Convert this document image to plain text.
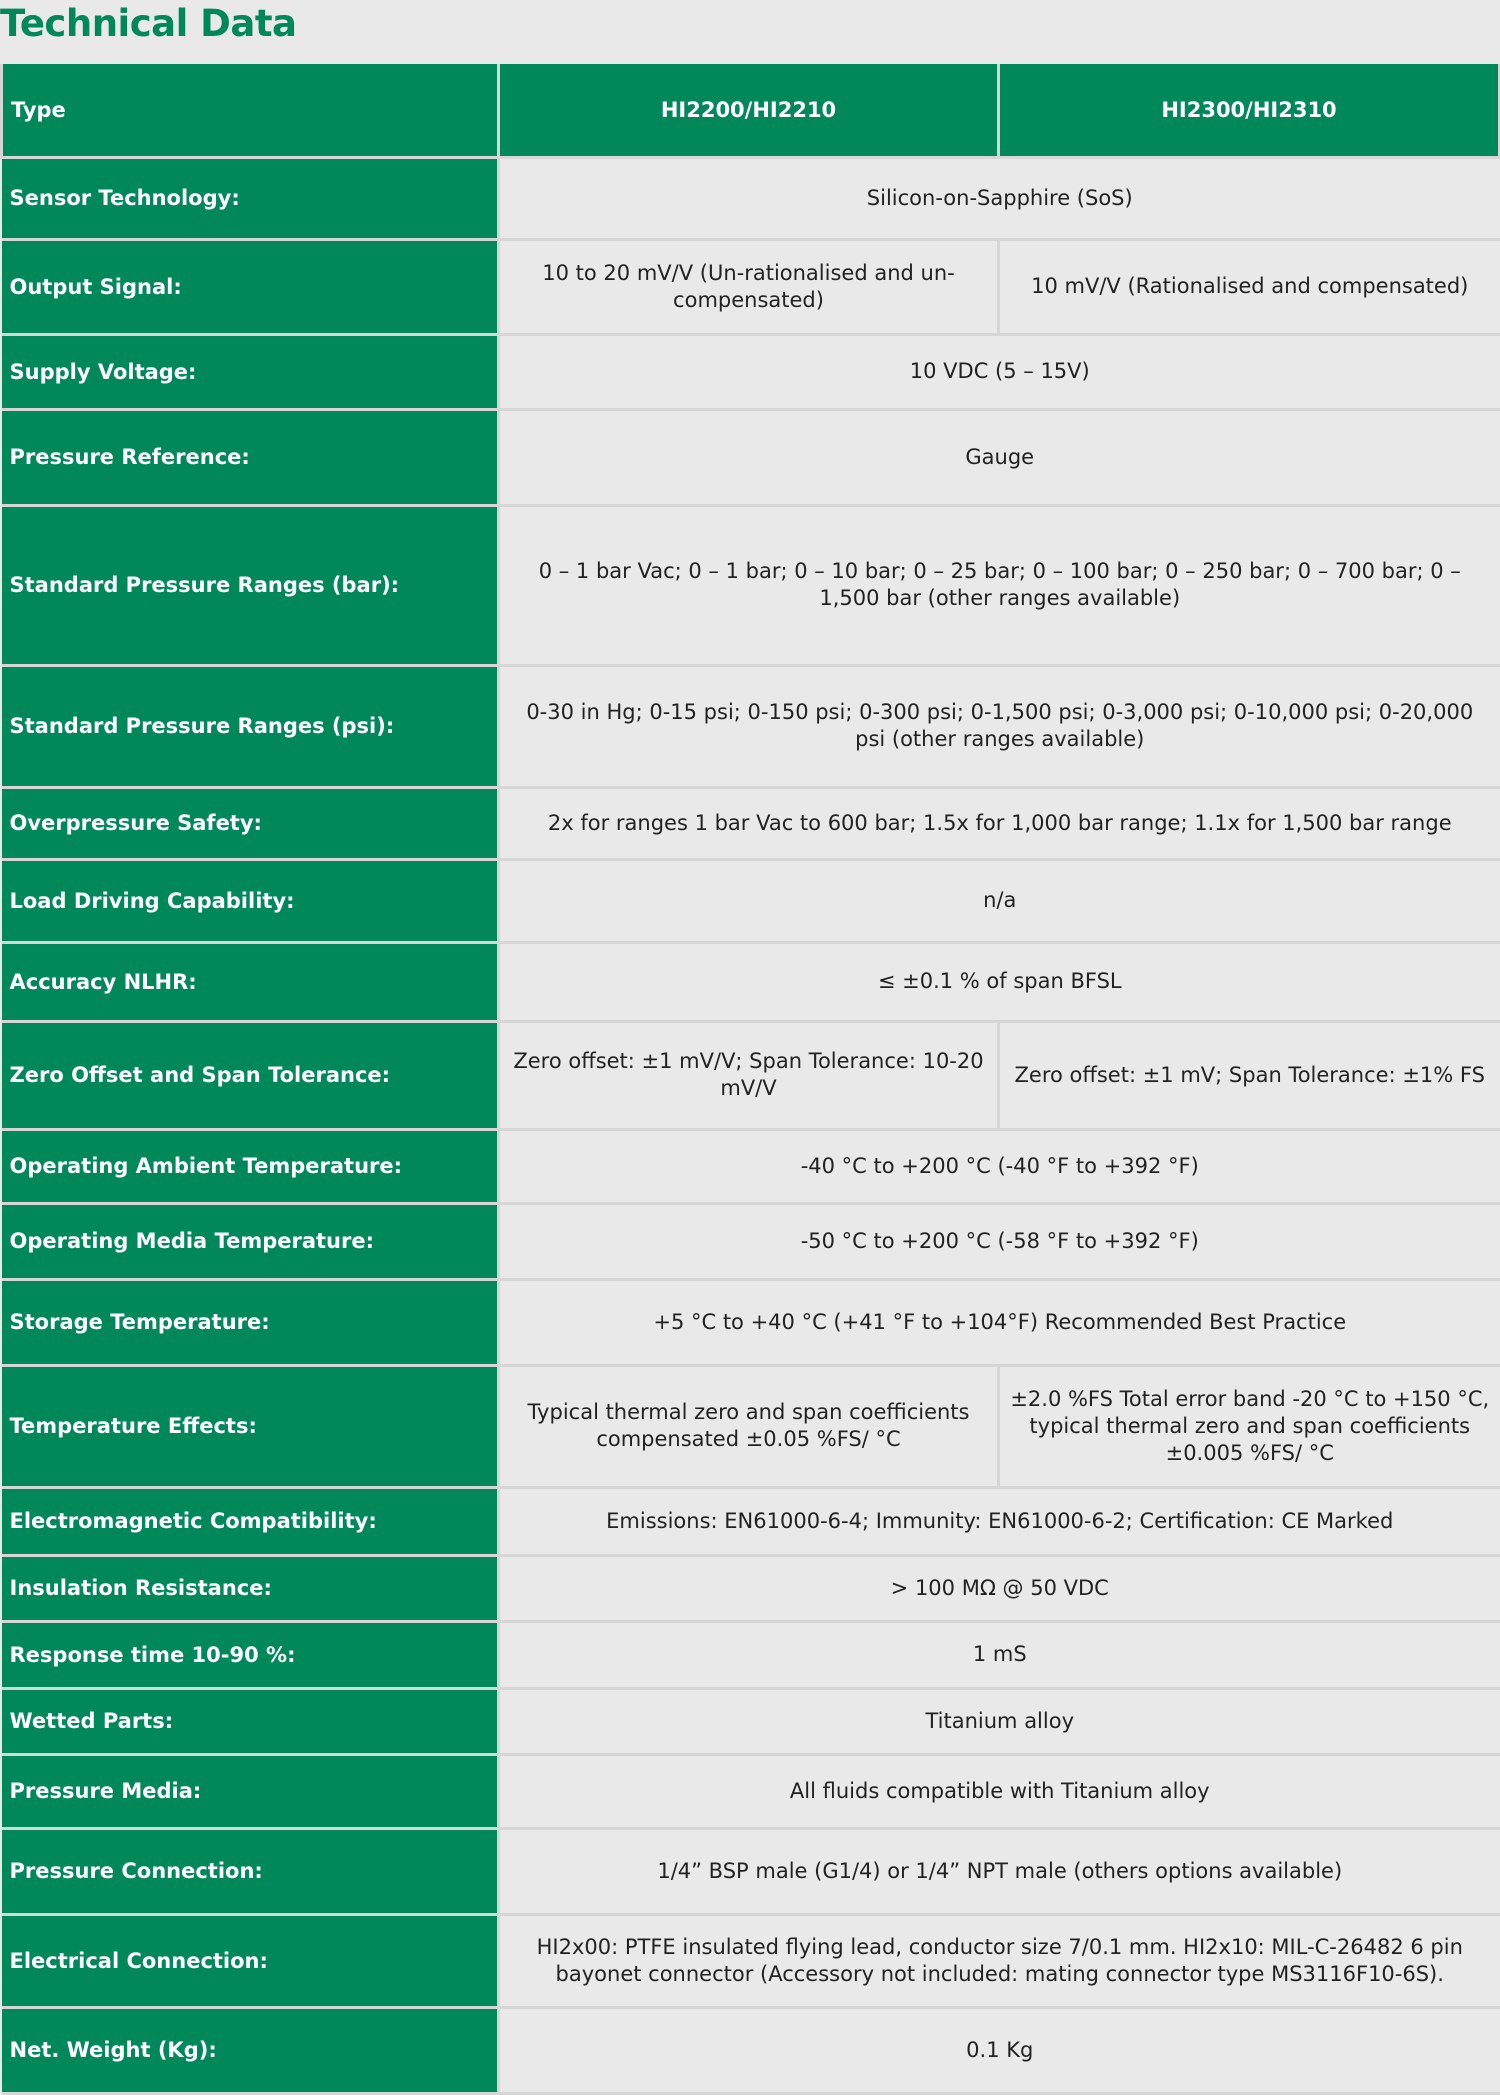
Technical Data
Type	HI2200/HI2210	HI2300/HI2310
Sensor Technology:	Silicon-on-Sapphire (SoS)	
Output Signal:	10 to 20 mV/V (Un-rationalised and un-compensated)	10 mV/V (Rationalised and compensated)
Supply Voltage:	10 VDC (5 – 15V)	
Pressure Reference:	Gauge	
Standard Pressure Ranges (bar):	0 – 1 bar Vac; 0 – 1 bar; 0 – 10 bar; 0 – 25 bar; 0 – 100 bar; 0 – 250 bar; 0 – 700 bar; 0 – 1,500 bar (other ranges available)	
Standard Pressure Ranges (psi):	0-30 in Hg; 0-15 psi; 0-150 psi; 0-300 psi; 0-1,500 psi; 0-3,000 psi; 0-10,000 psi; 0-20,000 psi (other ranges available)	
Overpressure Safety:	2x for ranges 1 bar Vac to 600 bar; 1.5x for 1,000 bar range; 1.1x for 1,500 bar range	
Load Driving Capability:	n/a	
Accuracy NLHR:	≤ ±0.1 % of span BFSL	
Zero Offset and Span Tolerance:	Zero offset: ±1 mV/V; Span Tolerance: 10-20 mV/V	Zero offset: ±1 mV; Span Tolerance: ±1% FS
Operating Ambient Temperature:	-40 °C to +200 °C (-40 °F to +392 °F)	
Operating Media Temperature:	-50 °C to +200 °C (-58 °F to +392 °F)	
Storage Temperature:	+5 °C to +40 °C (+41 °F to +104°F) Recommended Best Practice	
Temperature Effects:	Typical thermal zero and span coefficients compensated ±0.05 %FS/ °C	±2.0 %FS Total error band -20 °C to +150 °C, typical thermal zero and span coefficients ±0.005 %FS/ °C
Electromagnetic Compatibility:	Emissions: EN61000-6-4; Immunity: EN61000-6-2; Certification: CE Marked	
Insulation Resistance:	> 100 MΩ @ 50 VDC	
Response time 10-90 %:	1 mS	
Wetted Parts:	Titanium alloy	
Pressure Media:	All fluids compatible with Titanium alloy	
Pressure Connection:	1/4” BSP male (G1/4) or 1/4” NPT male (others options available)	
Electrical Connection:	HI2x00: PTFE insulated flying lead, conductor size 7/0.1 mm. HI2x10: MIL-C-26482 6 pin bayonet connector (Accessory not included: mating connector type MS3116F10-6S).	
Net. Weight (Kg):	0.1 Kg	
